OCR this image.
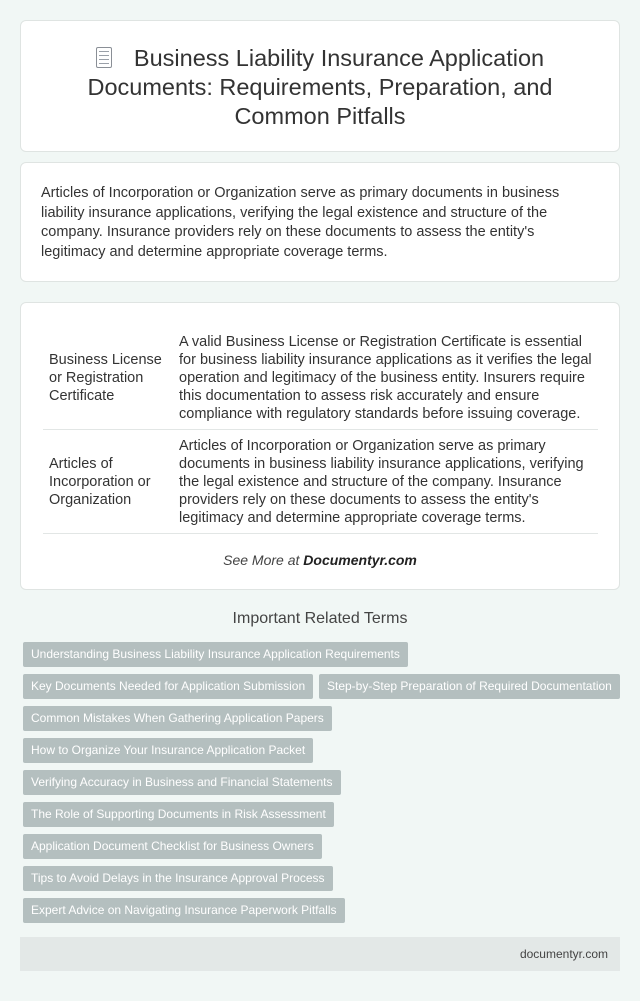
Business Liability Insurance Application Documents: Requirements, Preparation, and Common Pitfalls

Articles of Incorporation or Organization serve as primary documents in business liability insurance applications, verifying the legal existence and structure of the company. Insurance providers rely on these documents to assess the entity's legitimacy and determine appropriate coverage terms.

Business License or Registration Certificate	A valid Business License or Registration Certificate is essential for business liability insurance applications as it verifies the legal operation and legitimacy of the business entity. Insurers require this documentation to assess risk accurately and ensure compliance with regulatory standards before issuing coverage.
Articles of Incorporation or Organization	Articles of Incorporation or Organization serve as primary documents in business liability insurance applications, verifying the legal existence and structure of the company. Insurance providers rely on these documents to assess the entity's legitimacy and determine appropriate coverage terms.
See More at Documentyr.com
Important Related Terms
Understanding Business Liability Insurance Application Requirements
Key Documents Needed for Application Submission	Step-by-Step Preparation of Required Documentation
Common Mistakes When Gathering Application Papers
How to Organize Your Insurance Application Packet
Verifying Accuracy in Business and Financial Statements
The Role of Supporting Documents in Risk Assessment
Application Document Checklist for Business Owners
Tips to Avoid Delays in the Insurance Approval Process
Expert Advice on Navigating Insurance Paperwork Pitfalls
documentyr.com
